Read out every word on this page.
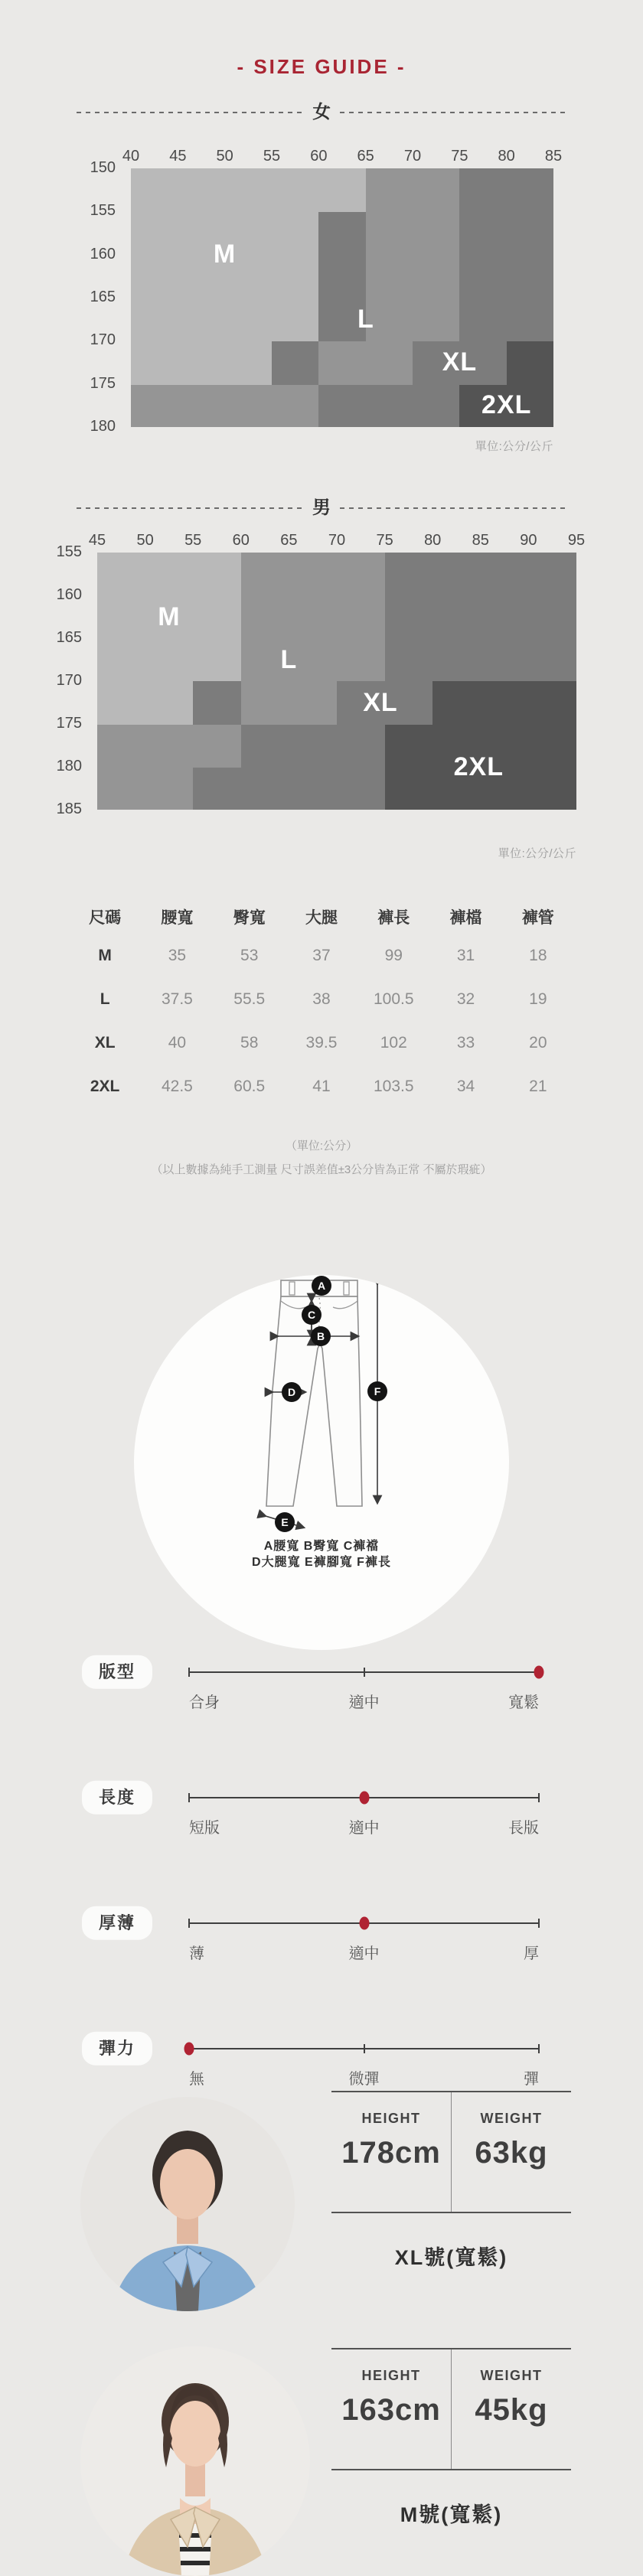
- SIZE GUIDE -
女
40 45 50 55 60 65 70 75 80 85
150
155
160
165
170
175
180
M
L
XL
2XL
單位:公分/公斤
男
45 50 55 60 65 70 75 80 85 90 95
155
160
165
170
175
180
185
M
L
XL
2XL
單位:公分/公斤
尺碼	腰寬	臀寬	大腿	褲長	褲檔	褲管
M	35	53	37	99	31	18
L	37.5	55.5	38	100.5	32	19
XL	40	58	39.5	102	33	20
2XL	42.5	60.5	41	103.5	34	21
（單位:公分）
（以上數據為純手工測量 尺寸誤差值±3公分皆為正常 不屬於瑕疵）
A
B
C
D
E
F
A腰寬 B臀寬 C褲襠
D大腿寬 E褲腳寬 F褲長
版型
合身	適中	寬鬆
長度
短版	適中	長版
厚薄
薄	適中	厚
彈力
無	微彈	彈
HEIGHT
178cm
WEIGHT
63kg
XL號(寬鬆)
HEIGHT
163cm
WEIGHT
45kg
M號(寬鬆)
